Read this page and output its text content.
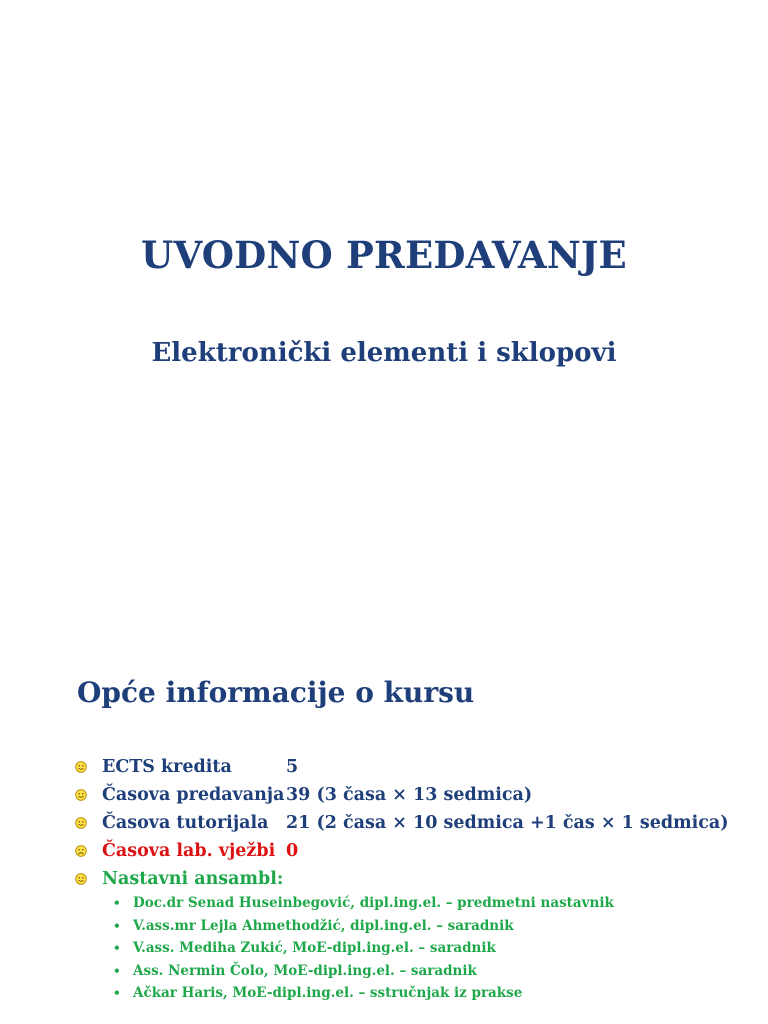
UVODNO PREDAVANJE
Elektronički elementi i sklopovi
Opće informacije o kursu
ECTS kredita	5
Časova predavanja 39 (3 časa × 13 sedmica)
Časova tutorijala 21 (2 časa × 10 sedmica +1 čas × 1 sedmica)
Časova lab. vježbi 0
Nastavni ansambl:
• Doc.dr Senad Huseinbegović, dipl.ing.el. – predmetni nastavnik
• V.ass.mr Lejla Ahmethodžić, dipl.ing.el. – saradnik
• V.ass. Mediha Zukić, MoE-dipl.ing.el. – saradnik
• Ass. Nermin Čolo, MoE-dipl.ing.el. – saradnik
• Ačkar Haris, MoE-dipl.ing.el. – sstručnjak iz prakse
